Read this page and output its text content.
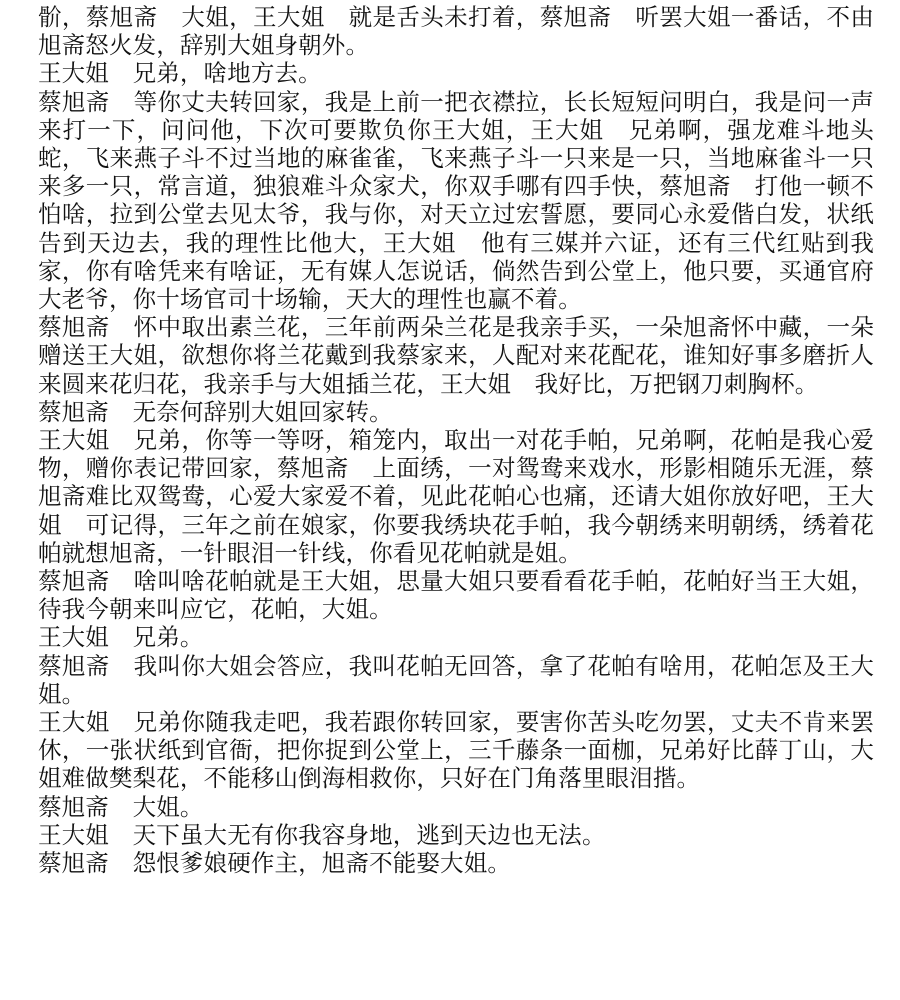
骱，蔡旭斋　大姐，王大姐　就是舌头未打着，蔡旭斋　听罢大姐一番话，不由旭斋怒火发，辞别大姐身朝外。

王大姐　兄弟，啥地方去。

蔡旭斋　等你丈夫转回家，我是上前一把衣襟拉，长长短短问明白，我是问一声来打一下，问问他，下次可要欺负你王大姐，王大姐　兄弟啊，强龙难斗地头蛇，飞来燕子斗不过当地的麻雀雀，飞来燕子斗一只来是一只，当地麻雀斗一只来多一只，常言道，独狼难斗众家犬，你双手哪有四手快，蔡旭斋　打他一顿不怕啥，拉到公堂去见太爷，我与你，对天立过宏誓愿，要同心永爱偕白发，状纸告到天边去，我的理性比他大，王大姐　他有三媒并六证，还有三代红贴到我家，你有啥凭来有啥证，无有媒人怎说话，倘然告到公堂上，他只要，买通官府大老爷，你十场官司十场输，天大的理性也赢不着。

蔡旭斋　怀中取出素兰花，三年前两朵兰花是我亲手买，一朵旭斋怀中藏，一朵赠送王大姐，欲想你将兰花戴到我蔡家来，人配对来花配花，谁知好事多磨折人来圆来花归花，我亲手与大姐插兰花，王大姐　我好比，万把钢刀刺胸杯。

蔡旭斋　无奈何辞别大姐回家转。

王大姐　兄弟，你等一等呀，箱笼内，取出一对花手帕，兄弟啊，花帕是我心爱物，赠你表记带回家，蔡旭斋　上面绣，一对鸳鸯来戏水，形影相随乐无涯，蔡旭斋难比双鸳鸯，心爱大家爱不着，见此花帕心也痛，还请大姐你放好吧，王大姐　可记得，三年之前在娘家，你要我绣块花手帕，我今朝绣来明朝绣，绣着花帕就想旭斋，一针眼泪一针线，你看见花帕就是姐。

蔡旭斋　啥叫啥花帕就是王大姐，思量大姐只要看看花手帕，花帕好当王大姐，待我今朝来叫应它，花帕，大姐。

王大姐　兄弟。

蔡旭斋　我叫你大姐会答应，我叫花帕无回答，拿了花帕有啥用，花帕怎及王大姐。

王大姐　兄弟你随我走吧，我若跟你转回家，要害你苦头吃勿罢，丈夫不肯来罢休，一张状纸到官衙，把你捉到公堂上，三千藤条一面枷，兄弟好比薛丁山，大姐难做樊梨花，不能移山倒海相救你，只好在门角落里眼泪揩。

蔡旭斋　大姐。

王大姐　天下虽大无有你我容身地，逃到天边也无法。

蔡旭斋　怨恨爹娘硬作主，旭斋不能娶大姐。
